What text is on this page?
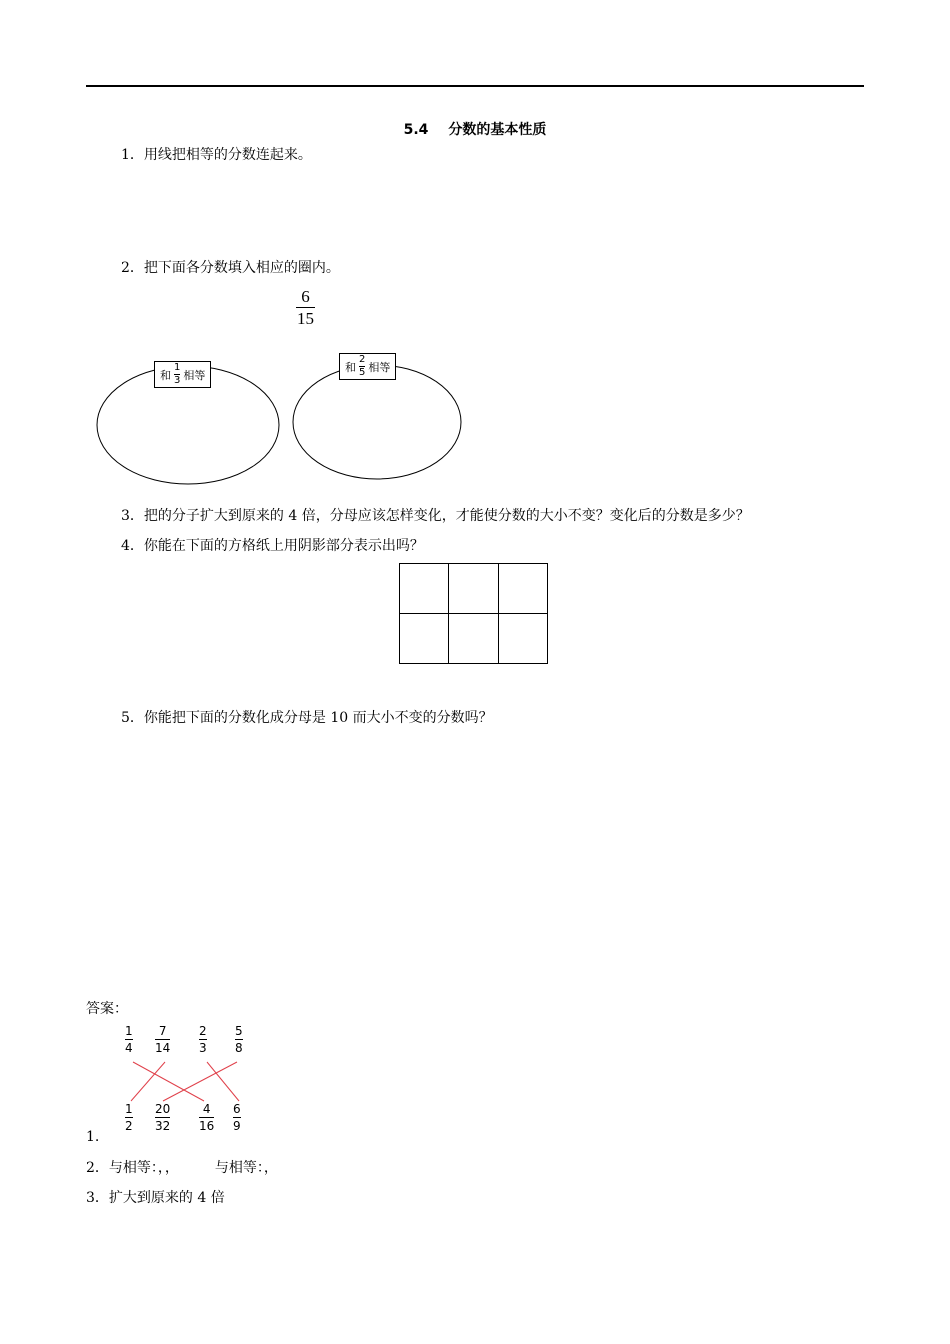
5.4 分数的基本性质
1．用线把相等的分数连起来。
2．把下面各分数填入相应的圈内。
6
15
和 $\frac{1}{3}$ 相等
和 $\frac{2}{5}$ 相等
3．把的分子扩大到原来的 4 倍，分母应该怎样变化，才能使分数的大小不变？变化后的分数是多少？
4．你能在下面的方格纸上用阴影部分表示出吗？
5．你能把下面的分数化成分母是 10 而大小不变的分数吗？
答案：
1
4
7
14
2
3
5
8
1
2
20
32
4
16
6
9
1.
2．与相等：，，	与相等：，
3．扩大到原来的 4 倍
